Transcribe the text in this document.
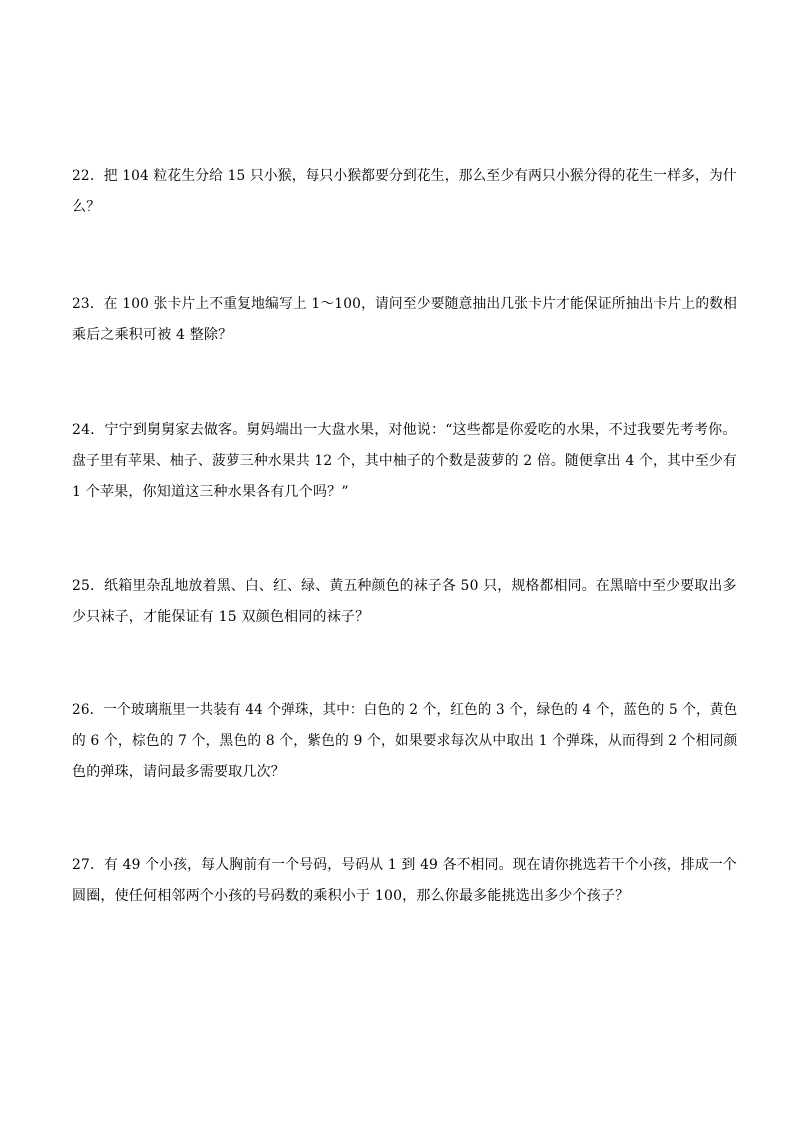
22．把 104 粒花生分给 15 只小猴，每只小猴都要分到花生，那么至少有两只小猴分得的花生一样多，为什
么？
23．在 100 张卡片上不重复地编写上 1～100，请问至少要随意抽出几张卡片才能保证所抽出卡片上的数相
乘后之乘积可被 4 整除？
24．宁宁到舅舅家去做客。舅妈端出一大盘水果，对他说：“这些都是你爱吃的水果，不过我要先考考你。
盘子里有苹果、柚子、菠萝三种水果共 12 个，其中柚子的个数是菠萝的 2 倍。随便拿出 4 个，其中至少有
1 个苹果，你知道这三种水果各有几个吗？”
25．纸箱里杂乱地放着黑、白、红、绿、黄五种颜色的袜子各 50 只，规格都相同。在黑暗中至少要取出多
少只袜子，才能保证有 15 双颜色相同的袜子？
26．一个玻璃瓶里一共装有 44 个弹珠，其中：白色的 2 个，红色的 3 个，绿色的 4 个，蓝色的 5 个，黄色
的 6 个，棕色的 7 个，黑色的 8 个，紫色的 9 个，如果要求每次从中取出 1 个弹珠，从而得到 2 个相同颜
色的弹珠，请问最多需要取几次？
27．有 49 个小孩，每人胸前有一个号码，号码从 1 到 49 各不相同。现在请你挑选若干个小孩，排成一个
圆圈，使任何相邻两个小孩的号码数的乘积小于 100，那么你最多能挑选出多少个孩子？
